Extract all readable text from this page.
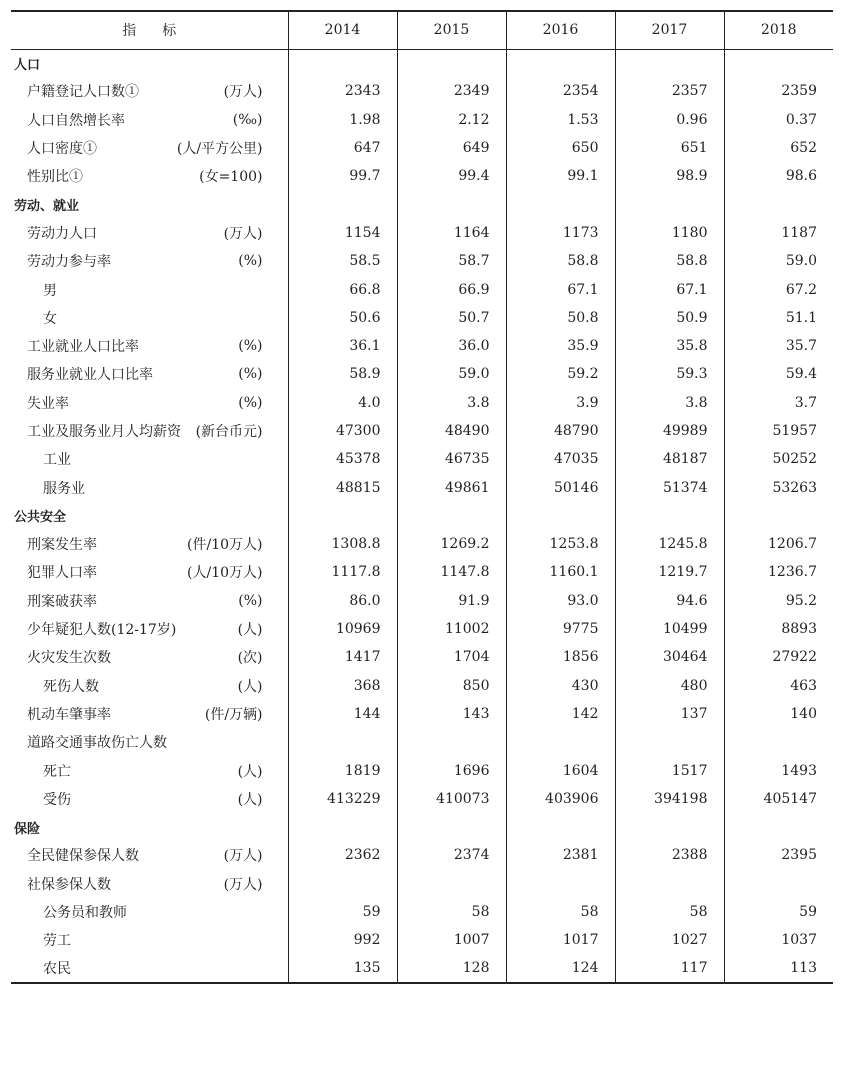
指标	2014	2015	2016	2017	2018
人口					
户籍登记人口数① (万人)	2343	2349	2354	2357	2359
人口自然增长率 (‰)	1.98	2.12	1.53	0.96	0.37
人口密度① (人/平方公里)	647	649	650	651	652
性别比① (女=100)	99.7	99.4	99.1	98.9	98.6
劳动、就业					
劳动力人口 (万人)	1154	1164	1173	1180	1187
劳动力参与率 (%)	58.5	58.7	58.8	58.8	59.0
男	66.8	66.9	67.1	67.1	67.2
女	50.6	50.7	50.8	50.9	51.1
工业就业人口比率 (%)	36.1	36.0	35.9	35.8	35.7
服务业就业人口比率 (%)	58.9	59.0	59.2	59.3	59.4
失业率 (%)	4.0	3.8	3.9	3.8	3.7
工业及服务业月人均薪资 (新台币元)	47300	48490	48790	49989	51957
工业	45378	46735	47035	48187	50252
服务业	48815	49861	50146	51374	53263
公共安全					
刑案发生率 (件/10万人)	1308.8	1269.2	1253.8	1245.8	1206.7
犯罪人口率 (人/10万人)	1117.8	1147.8	1160.1	1219.7	1236.7
刑案破获率 (%)	86.0	91.9	93.0	94.6	95.2
少年疑犯人数(12-17岁) (人)	10969	11002	9775	10499	8893
火灾发生次数 (次)	1417	1704	1856	30464	27922
死伤人数 (人)	368	850	430	480	463
机动车肇事率 (件/万辆)	144	143	142	137	140
道路交通事故伤亡人数					
死亡 (人)	1819	1696	1604	1517	1493
受伤 (人)	413229	410073	403906	394198	405147
保险					
全民健保参保人数 (万人)	2362	2374	2381	2388	2395
社保参保人数 (万人)					

公务员和教师	59	58	58	58	59
劳工	992	1007	1017	1027	1037
农民	135	128	124	117	113
